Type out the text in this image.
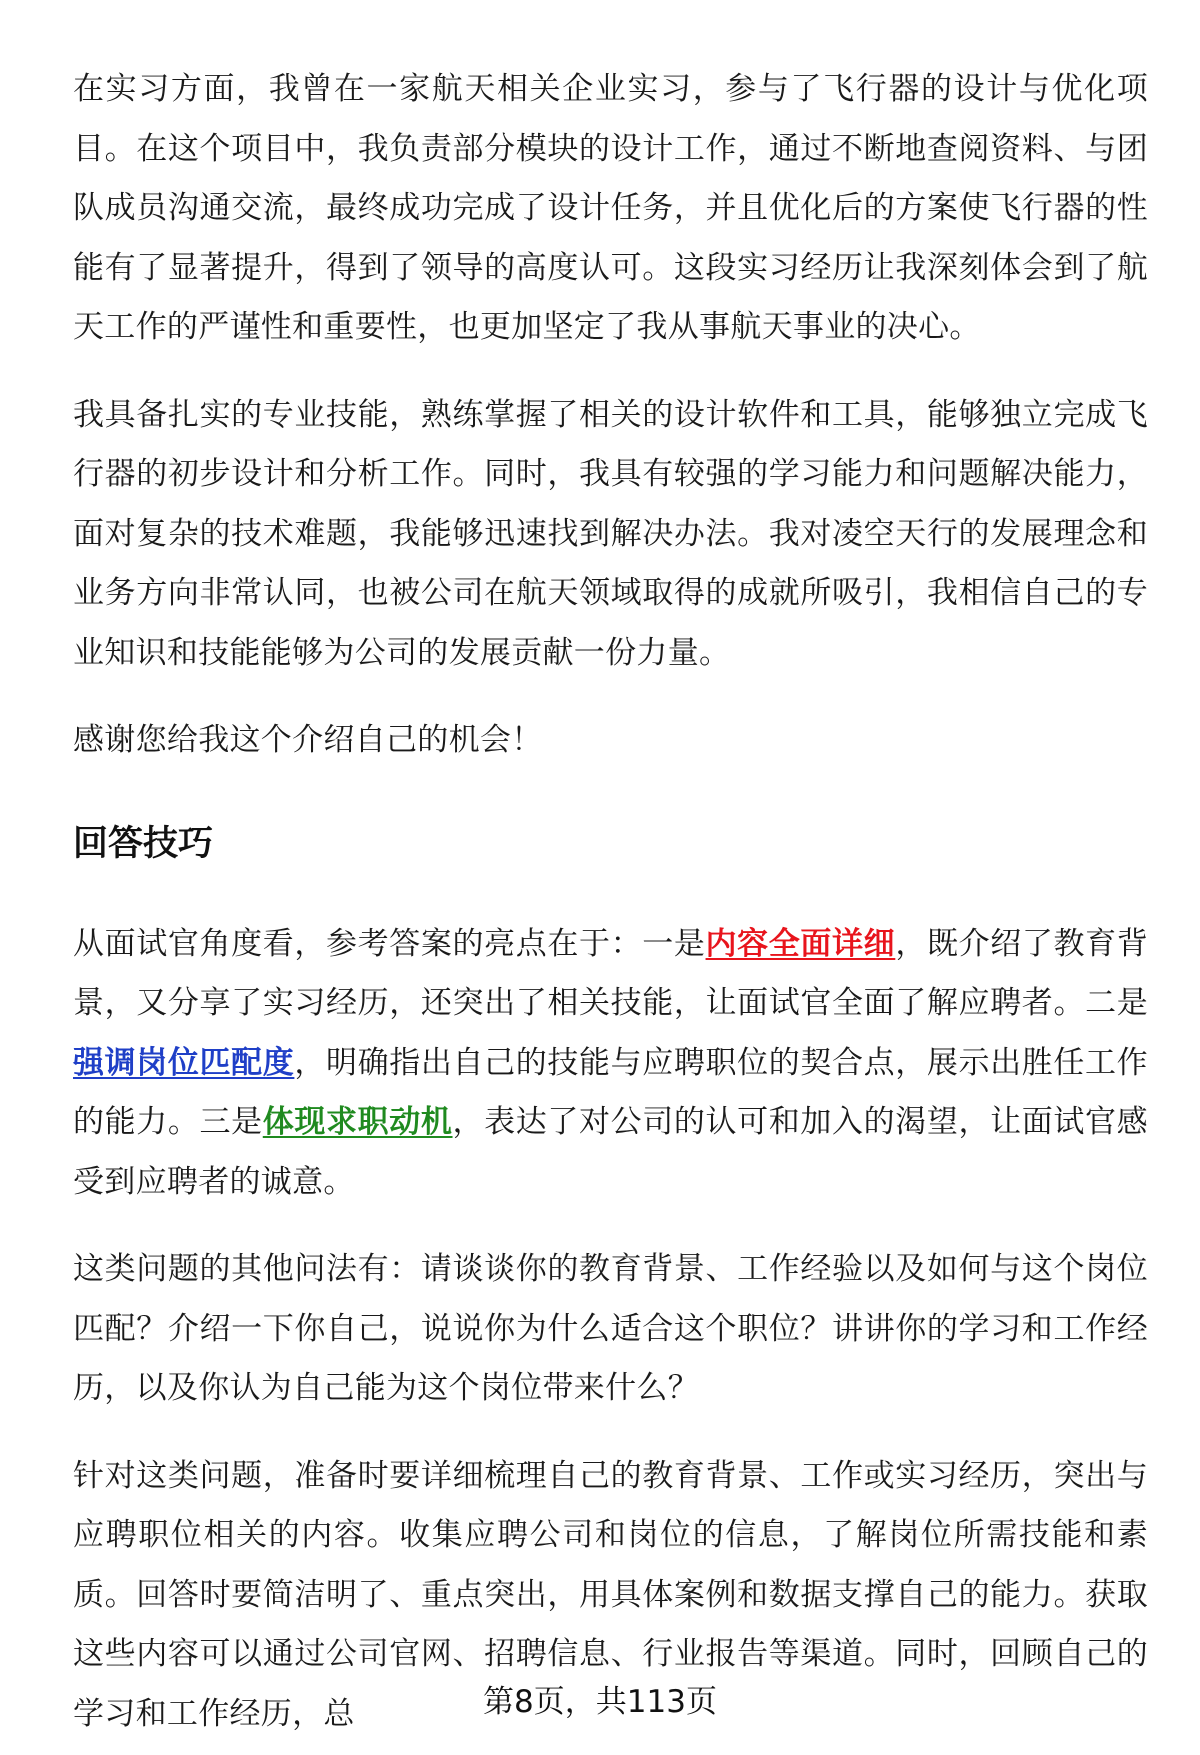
在实习方面，我曾在一家航天相关企业实习，参与了飞行器的设计与优化项目。在这个项目中，我负责部分模块的设计工作，通过不断地查阅资料、与团队成员沟通交流，最终成功完成了设计任务，并且优化后的方案使飞行器的性能有了显著提升，得到了领导的高度认可。这段实习经历让我深刻体会到了航天工作的严谨性和重要性，也更加坚定了我从事航天事业的决心。

我具备扎实的专业技能，熟练掌握了相关的设计软件和工具，能够独立完成飞行器的初步设计和分析工作。同时，我具有较强的学习能力和问题解决能力，面对复杂的技术难题，我能够迅速找到解决办法。我对凌空天行的发展理念和业务方向非常认同，也被公司在航天领域取得的成就所吸引，我相信自己的专业知识和技能能够为公司的发展贡献一份力量。

感谢您给我这个介绍自己的机会！

回答技巧

从面试官角度看，参考答案的亮点在于：一是内容全面详细，既介绍了教育背景，又分享了实习经历，还突出了相关技能，让面试官全面了解应聘者。二是强调岗位匹配度，明确指出自己的技能与应聘职位的契合点，展示出胜任工作的能力。三是体现求职动机，表达了对公司的认可和加入的渴望，让面试官感受到应聘者的诚意。

这类问题的其他问法有：请谈谈你的教育背景、工作经验以及如何与这个岗位匹配？介绍一下你自己，说说你为什么适合这个职位？讲讲你的学习和工作经历，以及你认为自己能为这个岗位带来什么？

针对这类问题，准备时要详细梳理自己的教育背景、工作或实习经历，突出与应聘职位相关的内容。收集应聘公司和岗位的信息，了解岗位所需技能和素质。回答时要简洁明了、重点突出，用具体案例和数据支撑自己的能力。获取这些内容可以通过公司官网、招聘信息、行业报告等渠道。同时，回顾自己的学习和工作经历，总	第8页，共113页
